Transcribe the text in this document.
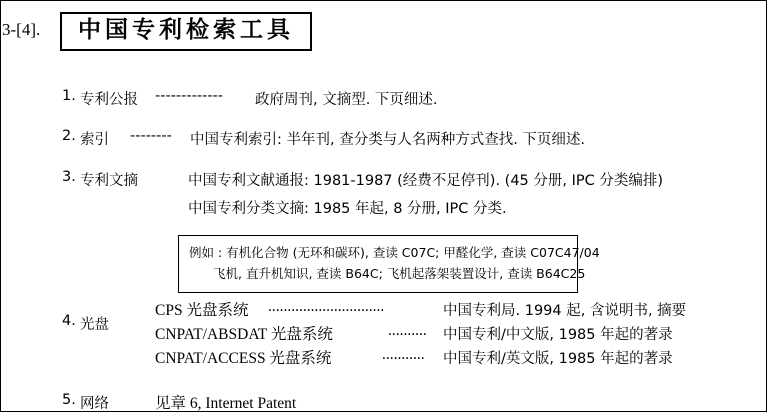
3-[4].	中国专利检索工具
1. 专利公报 ------------- 政府周刊, 文摘型. 下页细述.
2. 索引 -------- 中国专利索引: 半年刊, 查分类与人名两种方式查找. 下页细述.
3. 专利文摘	中国专利文献通报: 1981-1987 (经费不足停刊). (45 分册, IPC 分类编排)
中国专利分类文摘: 1985 年起, 8 分册, IPC 分类.
例如 : 有机化合物 (无环和碳环), 查读 C07C; 甲醛化学, 查读 C07C47/04
飞机, 直升机知识, 查读 B64C; 飞机起落架装置设计, 查读 B64C25
4. 光盘
CPS 光盘系统 ..............................	中国专利局. 1994 起, 含说明书, 摘要
CNPAT/ABSDAT 光盘系统	.......... 中国专利/中文版, 1985 年起的著录
CNPAT/ACCESS 光盘系统	........... 中国专利/英文版, 1985 年起的著录
5. 网络	见章 6, Internet Patent
